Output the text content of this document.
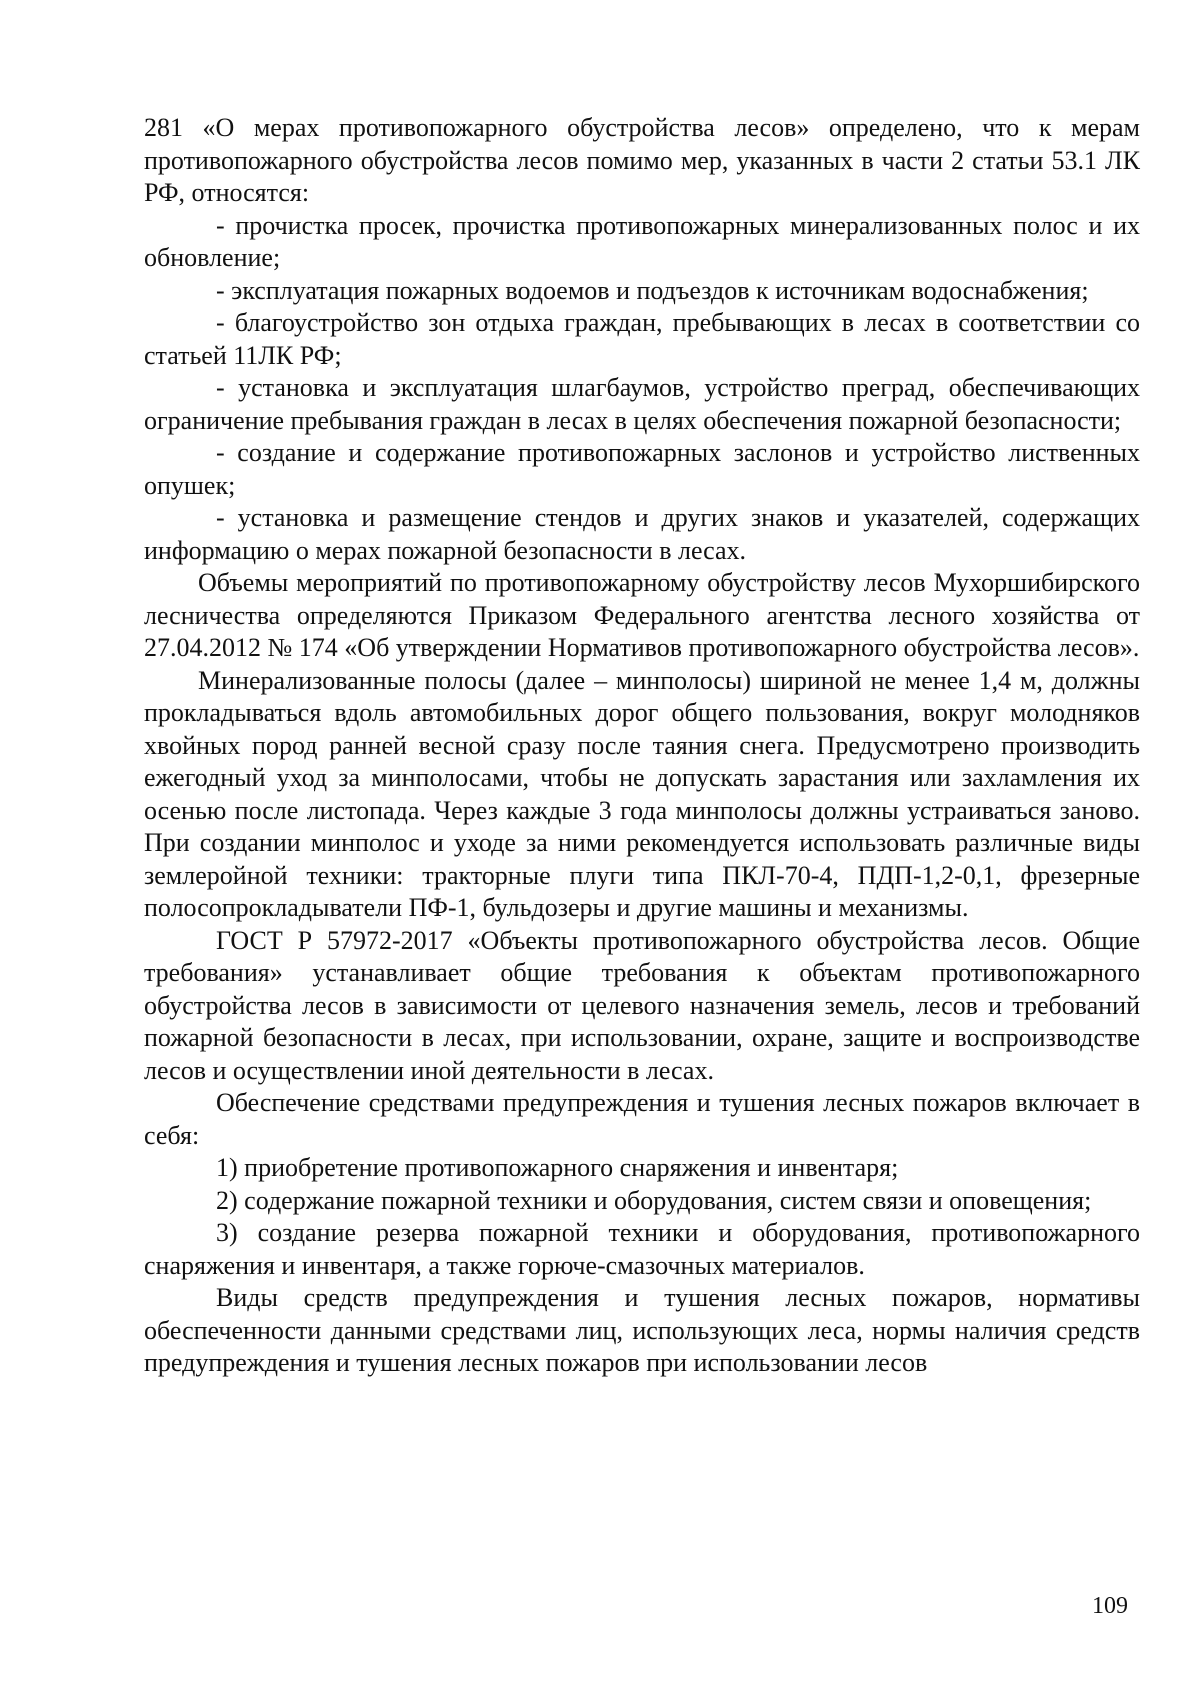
281 «О мерах противопожарного обустройства лесов» определено, что к мерам противопожарного обустройства лесов помимо мер, указанных в части 2 статьи 53.1 ЛК РФ, относятся:

- прочистка просек, прочистка противопожарных минерализованных полос и их обновление;

- эксплуатация пожарных водоемов и подъездов к источникам водоснабжения;

- благоустройство зон отдыха граждан, пребывающих в лесах в соответствии со статьей 11ЛК РФ;

- установка и эксплуатация шлагбаумов, устройство преград, обеспечивающих ограничение пребывания граждан в лесах в целях обеспечения пожарной безопасности;

- создание и содержание противопожарных заслонов и устройство лиственных опушек;

- установка и размещение стендов и других знаков и указателей, содержащих информацию о мерах пожарной безопасности в лесах.

Объемы мероприятий по противопожарному обустройству лесов Мухоршибирского лесничества определяются Приказом Федерального агентства лесного хозяйства от 27.04.2012 № 174 «Об утверждении Нормативов противопожарного обустройства лесов».

Минерализованные полосы (далее – минполосы) шириной не менее 1,4 м, должны прокладываться вдоль автомобильных дорог общего пользования, вокруг молодняков хвойных пород ранней весной сразу после таяния снега. Предусмотрено производить ежегодный уход за минполосами, чтобы не допускать зарастания или захламления их осенью после листопада. Через каждые 3 года минполосы должны устраиваться заново. При создании минполос и уходе за ними рекомендуется использовать различные виды землеройной техники: тракторные плуги типа ПКЛ-70-4, ПДП-1,2-0,1, фрезерные полосопрокладыватели ПФ-1, бульдозеры и другие машины и механизмы.

ГОСТ Р 57972-2017 «Объекты противопожарного обустройства лесов. Общие требования» устанавливает общие требования к объектам противопожарного обустройства лесов в зависимости от целевого назначения земель, лесов и требований пожарной безопасности в лесах, при использовании, охране, защите и воспроизводстве лесов и осуществлении иной деятельности в лесах.

Обеспечение средствами предупреждения и тушения лесных пожаров включает в себя:

1) приобретение противопожарного снаряжения и инвентаря;

2) содержание пожарной техники и оборудования, систем связи и оповещения;

3) создание резерва пожарной техники и оборудования, противопожарного снаряжения и инвентаря, а также горюче-смазочных материалов.

Виды средств предупреждения и тушения лесных пожаров, нормативы обеспеченности данными средствами лиц, использующих леса, нормы наличия средств предупреждения и тушения лесных пожаров при использовании лесов

109
